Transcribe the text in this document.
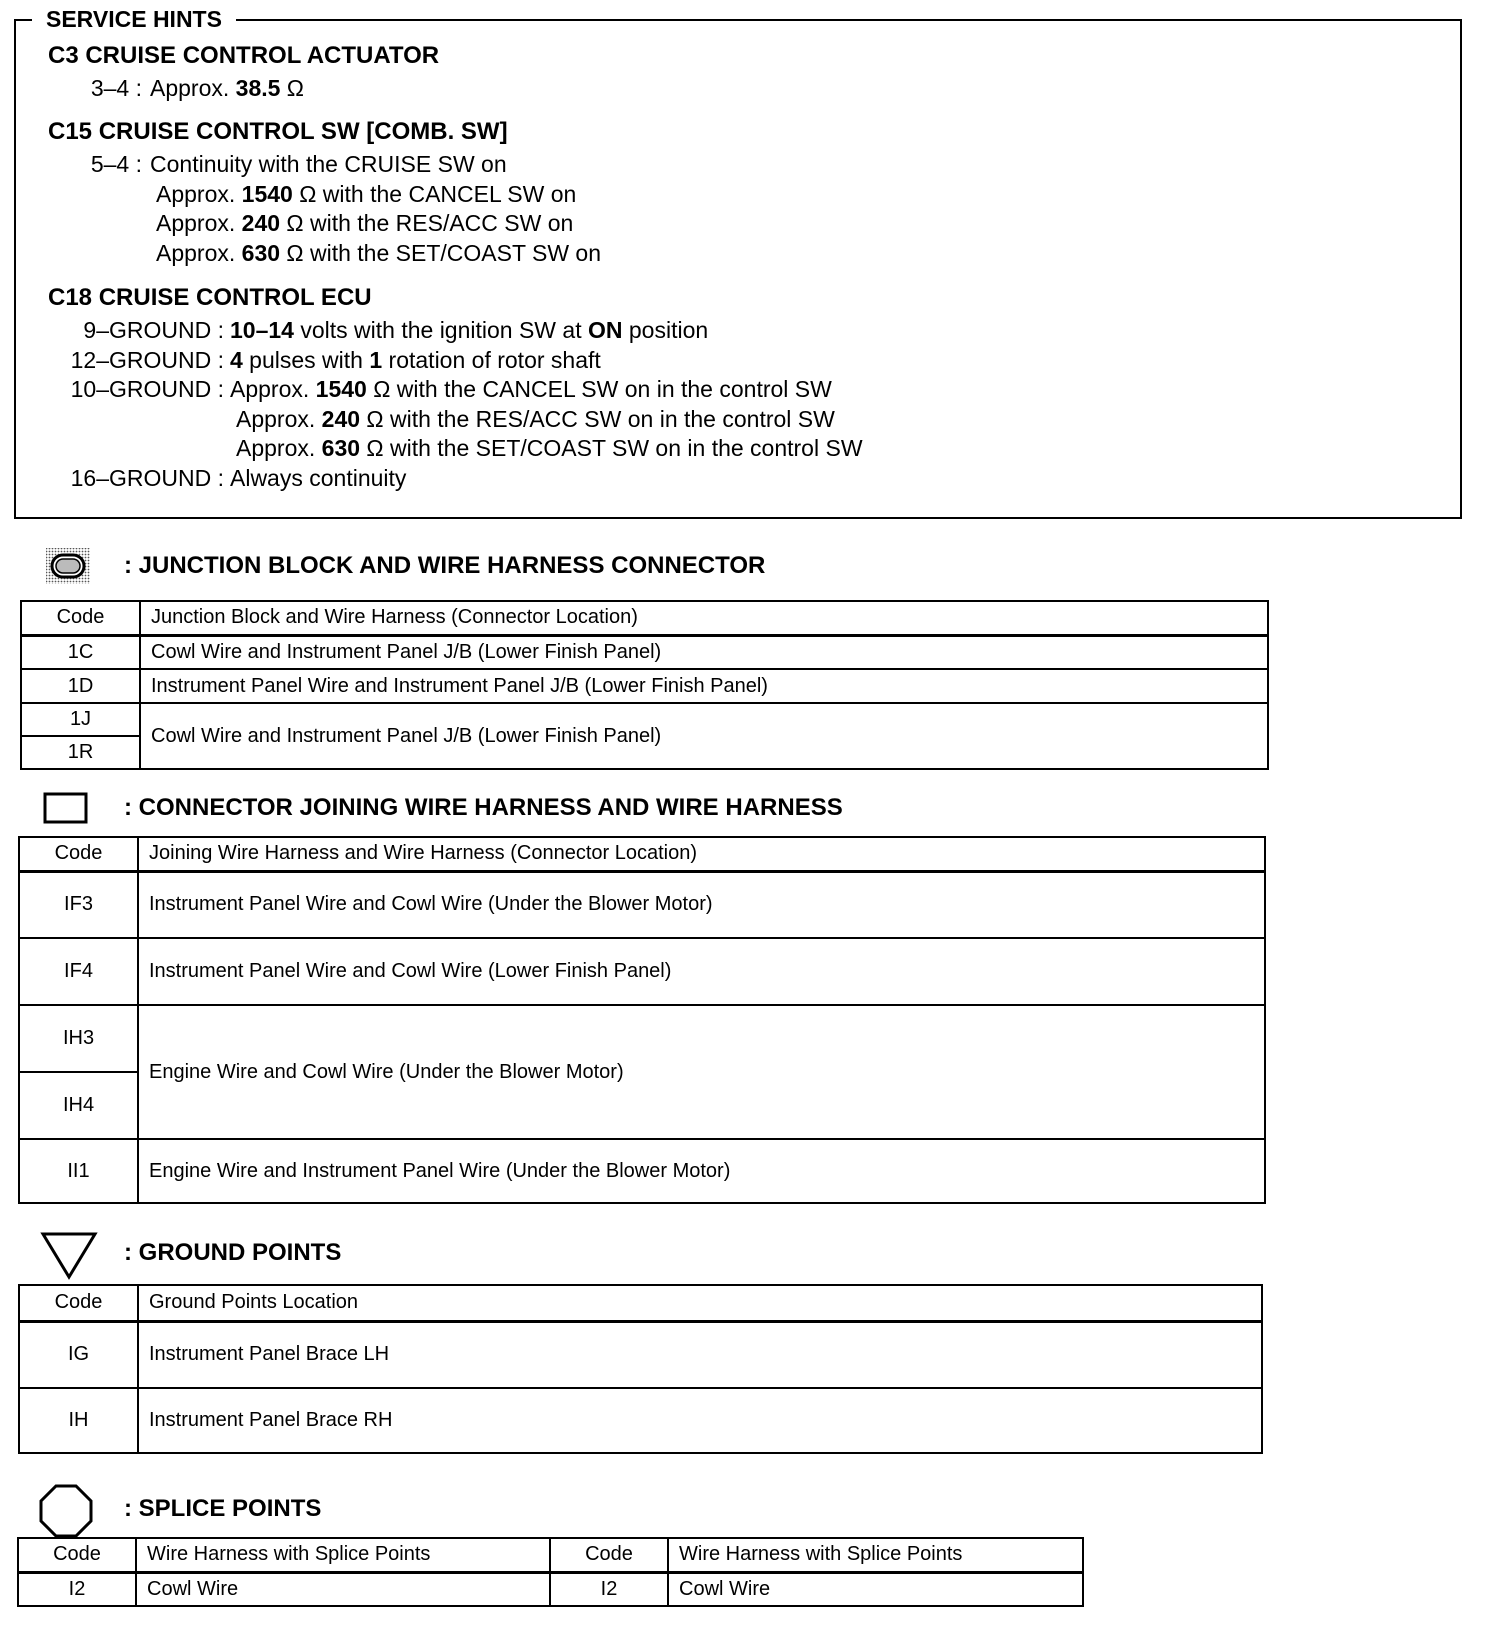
SERVICE HINTS
C3 CRUISE CONTROL ACTUATOR
3–4 : Approx. 38.5 Ω
C15 CRUISE CONTROL SW [COMB. SW]
5–4 : Continuity with the CRUISE SW on
Approx. 1540 Ω with the CANCEL SW on
Approx. 240 Ω with the RES/ACC SW on
Approx. 630 Ω with the SET/COAST SW on
C18 CRUISE CONTROL ECU
9–GROUND : 10–14 volts with the ignition SW at ON position
12–GROUND : 4 pulses with 1 rotation of rotor shaft
10–GROUND : Approx. 1540 Ω with the CANCEL SW on in the control SW
Approx. 240 Ω with the RES/ACC SW on in the control SW
Approx. 630 Ω with the SET/COAST SW on in the control SW
16–GROUND : Always continuity
: JUNCTION BLOCK AND WIRE HARNESS CONNECTOR
Code	Junction Block and Wire Harness (Connector Location)
1C	Cowl Wire and Instrument Panel J/B (Lower Finish Panel)
1D	Instrument Panel Wire and Instrument Panel J/B (Lower Finish Panel)
1J	Cowl Wire and Instrument Panel J/B (Lower Finish Panel)
1R	
: CONNECTOR JOINING WIRE HARNESS AND WIRE HARNESS
Code	Joining Wire Harness and Wire Harness (Connector Location)
IF3	Instrument Panel Wire and Cowl Wire (Under the Blower Motor)
IF4	Instrument Panel Wire and Cowl Wire (Lower Finish Panel)
IH3	Engine Wire and Cowl Wire (Under the Blower Motor)
IH4	
II1	Engine Wire and Instrument Panel Wire (Under the Blower Motor)
: GROUND POINTS
Code	Ground Points Location
IG	Instrument Panel Brace LH
IH	Instrument Panel Brace RH
: SPLICE POINTS
Code	Wire Harness with Splice Points	Code	Wire Harness with Splice Points
I2	Cowl Wire	I2	Cowl Wire
